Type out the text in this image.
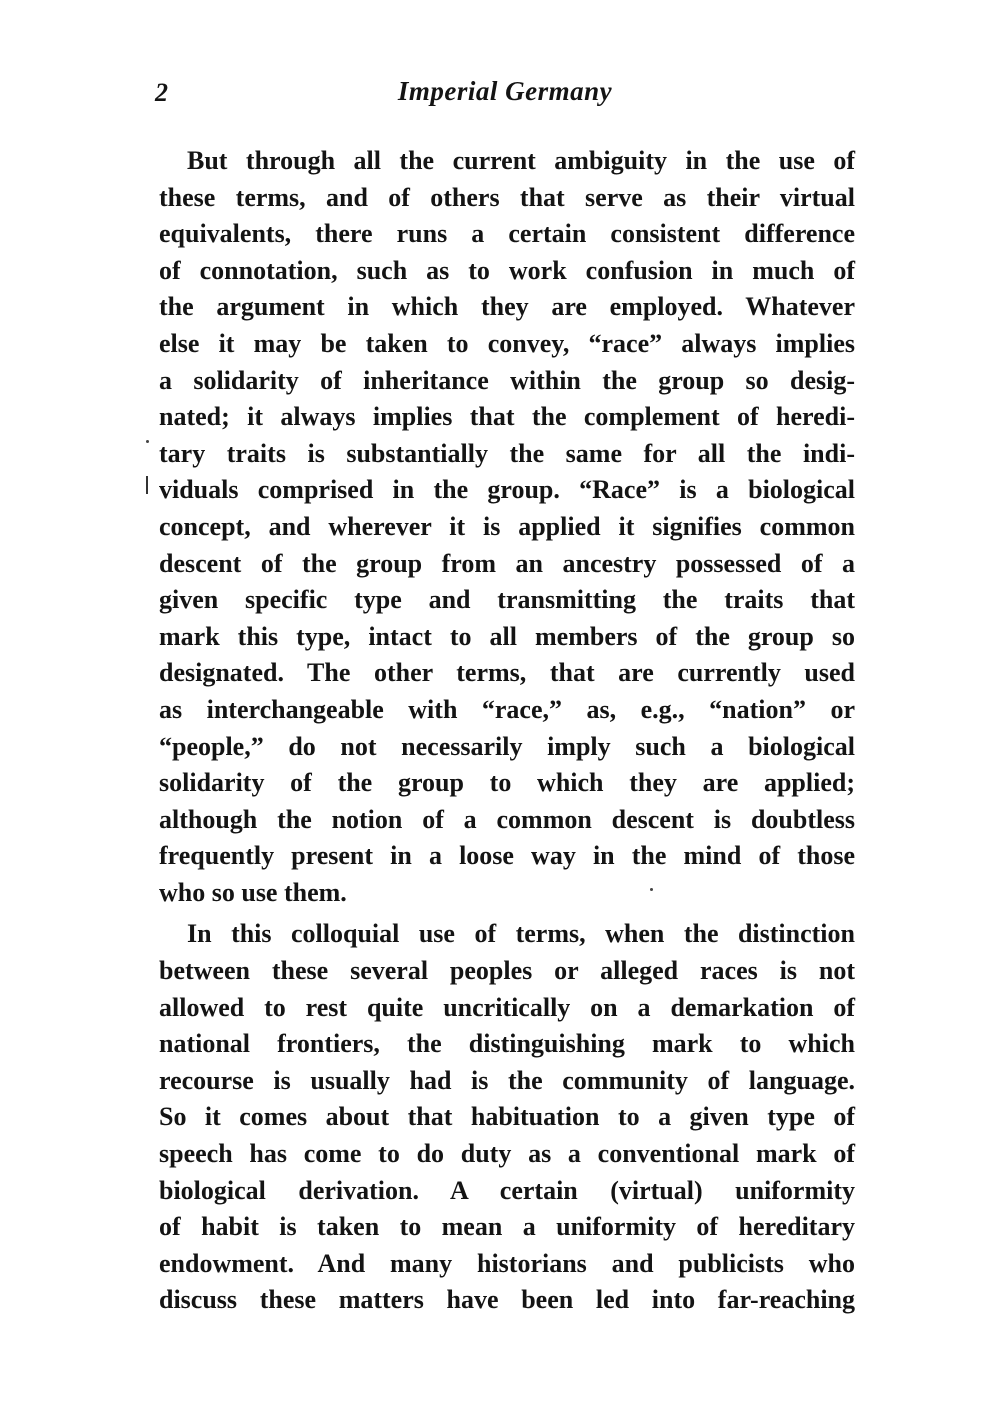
2	Imperial Germany
But through all the current ambiguity in the use of
these terms, and of others that serve as their virtual
equivalents, there runs a certain consistent difference
of connotation, such as to work confusion in much of
the argument in which they are employed. Whatever
else it may be taken to convey, “race” always implies
a solidarity of inheritance within the group so desig-
nated; it always implies that the complement of heredi-
tary traits is substantially the same for all the indi-
viduals comprised in the group. “Race” is a biological
concept, and wherever it is applied it signifies common
descent of the group from an ancestry possessed of a
given specific type and transmitting the traits that
mark this type, intact to all members of the group so
designated. The other terms, that are currently used
as interchangeable with “race,” as, e.g., “nation” or
“people,” do not necessarily imply such a biological
solidarity of the group to which they are applied;
although the notion of a common descent is doubtless
frequently present in a loose way in the mind of those
who so use them.
In this colloquial use of terms, when the distinction
between these several peoples or alleged races is not
allowed to rest quite uncritically on a demarkation of
national frontiers, the distinguishing mark to which
recourse is usually had is the community of language.
So it comes about that habituation to a given type of
speech has come to do duty as a conventional mark of
biological derivation. A certain (virtual) uniformity
of habit is taken to mean a uniformity of hereditary
endowment. And many historians and publicists who
discuss these matters have been led into far-reaching
